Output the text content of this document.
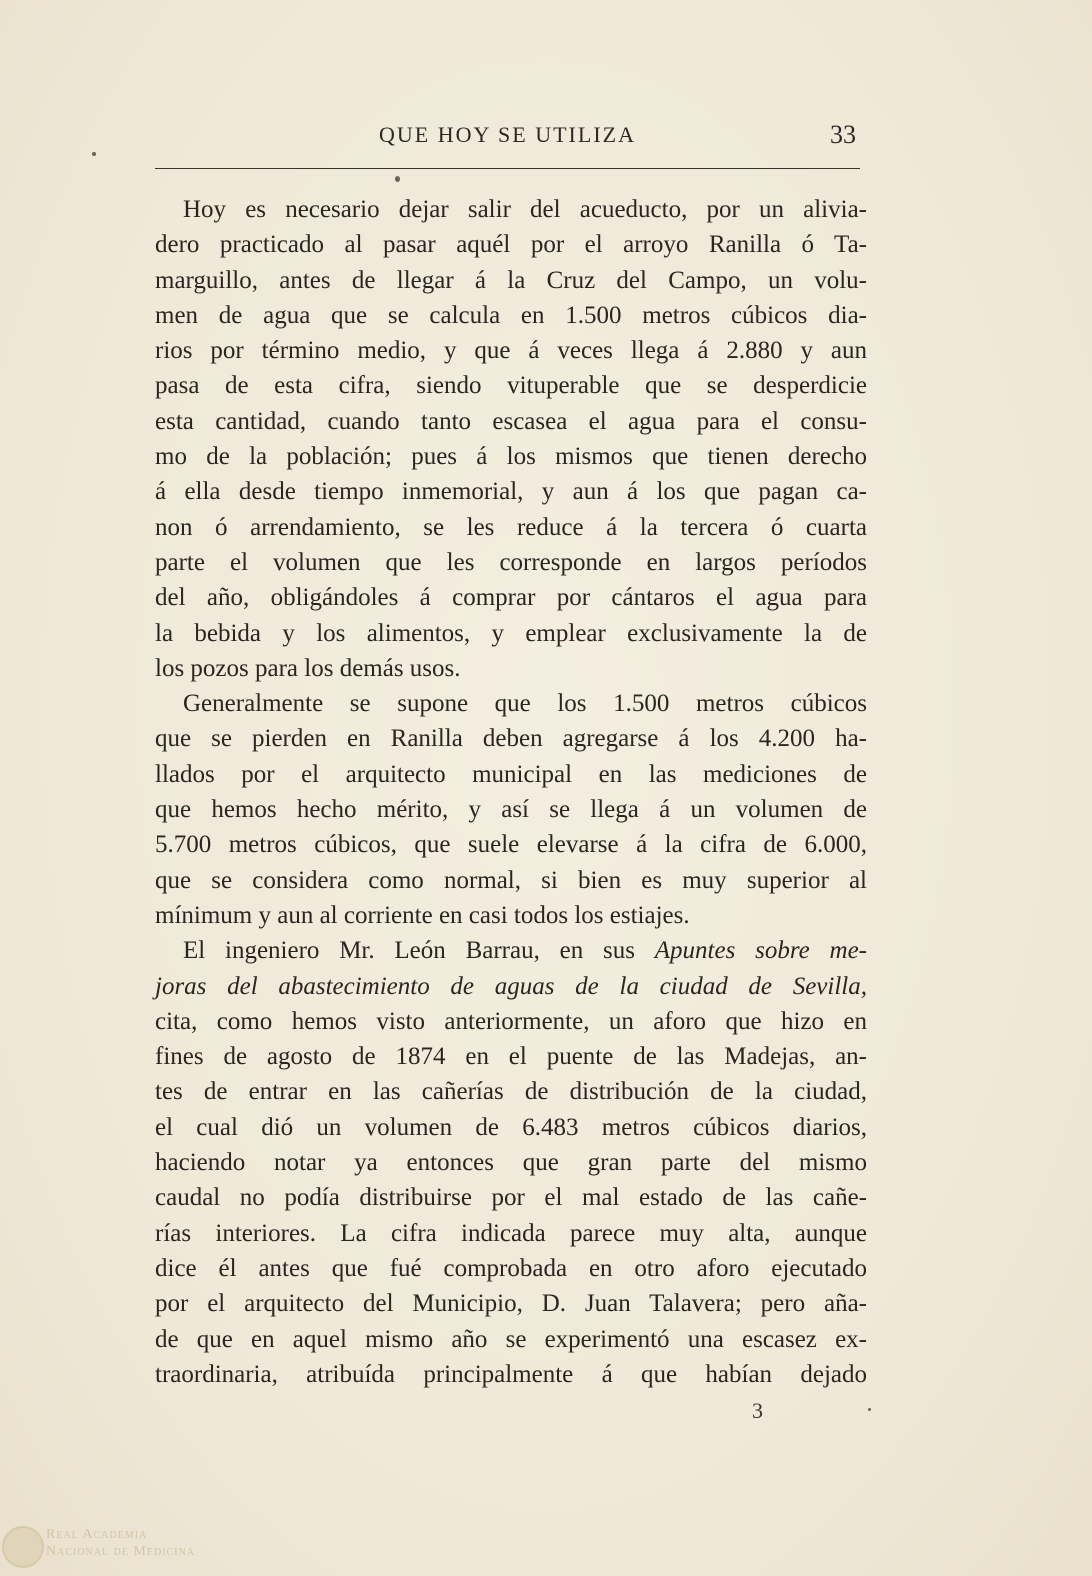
QUE HOY SE UTILIZA	33
Hoy es necesario dejar salir del acueducto, por un alivia-
dero practicado al pasar aquél por el arroyo Ranilla ó Ta-
marguillo, antes de llegar á la Cruz del Campo, un volu-
men de agua que se calcula en 1.500 metros cúbicos dia-
rios por término medio, y que á veces llega á 2.880 y aun
pasa de esta cifra, siendo vituperable que se desperdicie
esta cantidad, cuando tanto escasea el agua para el consu-
mo de la población; pues á los mismos que tienen derecho
á ella desde tiempo inmemorial, y aun á los que pagan ca-
non ó arrendamiento, se les reduce á la tercera ó cuarta
parte el volumen que les corresponde en largos períodos
del año, obligándoles á comprar por cántaros el agua para
la bebida y los alimentos, y emplear exclusivamente la de
los pozos para los demás usos.
Generalmente se supone que los 1.500 metros cúbicos
que se pierden en Ranilla deben agregarse á los 4.200 ha-
llados por el arquitecto municipal en las mediciones de
que hemos hecho mérito, y así se llega á un volumen de
5.700 metros cúbicos, que suele elevarse á la cifra de 6.000,
que se considera como normal, si bien es muy superior al
mínimum y aun al corriente en casi todos los estiajes.
El ingeniero Mr. León Barrau, en sus Apuntes sobre me-
joras del abastecimiento de aguas de la ciudad de Sevilla,
cita, como hemos visto anteriormente, un aforo que hizo en
fines de agosto de 1874 en el puente de las Madejas, an-
tes de entrar en las cañerías de distribución de la ciudad,
el cual dió un volumen de 6.483 metros cúbicos diarios,
haciendo notar ya entonces que gran parte del mismo
caudal no podía distribuirse por el mal estado de las cañe-
rías interiores. La cifra indicada parece muy alta, aunque
dice él antes que fué comprobada en otro aforo ejecutado
por el arquitecto del Municipio, D. Juan Talavera; pero aña-
de que en aquel mismo año se experimentó una escasez ex-
traordinaria, atribuída principalmente á que habían dejado
3
Real Academia
Nacional de Medicina
